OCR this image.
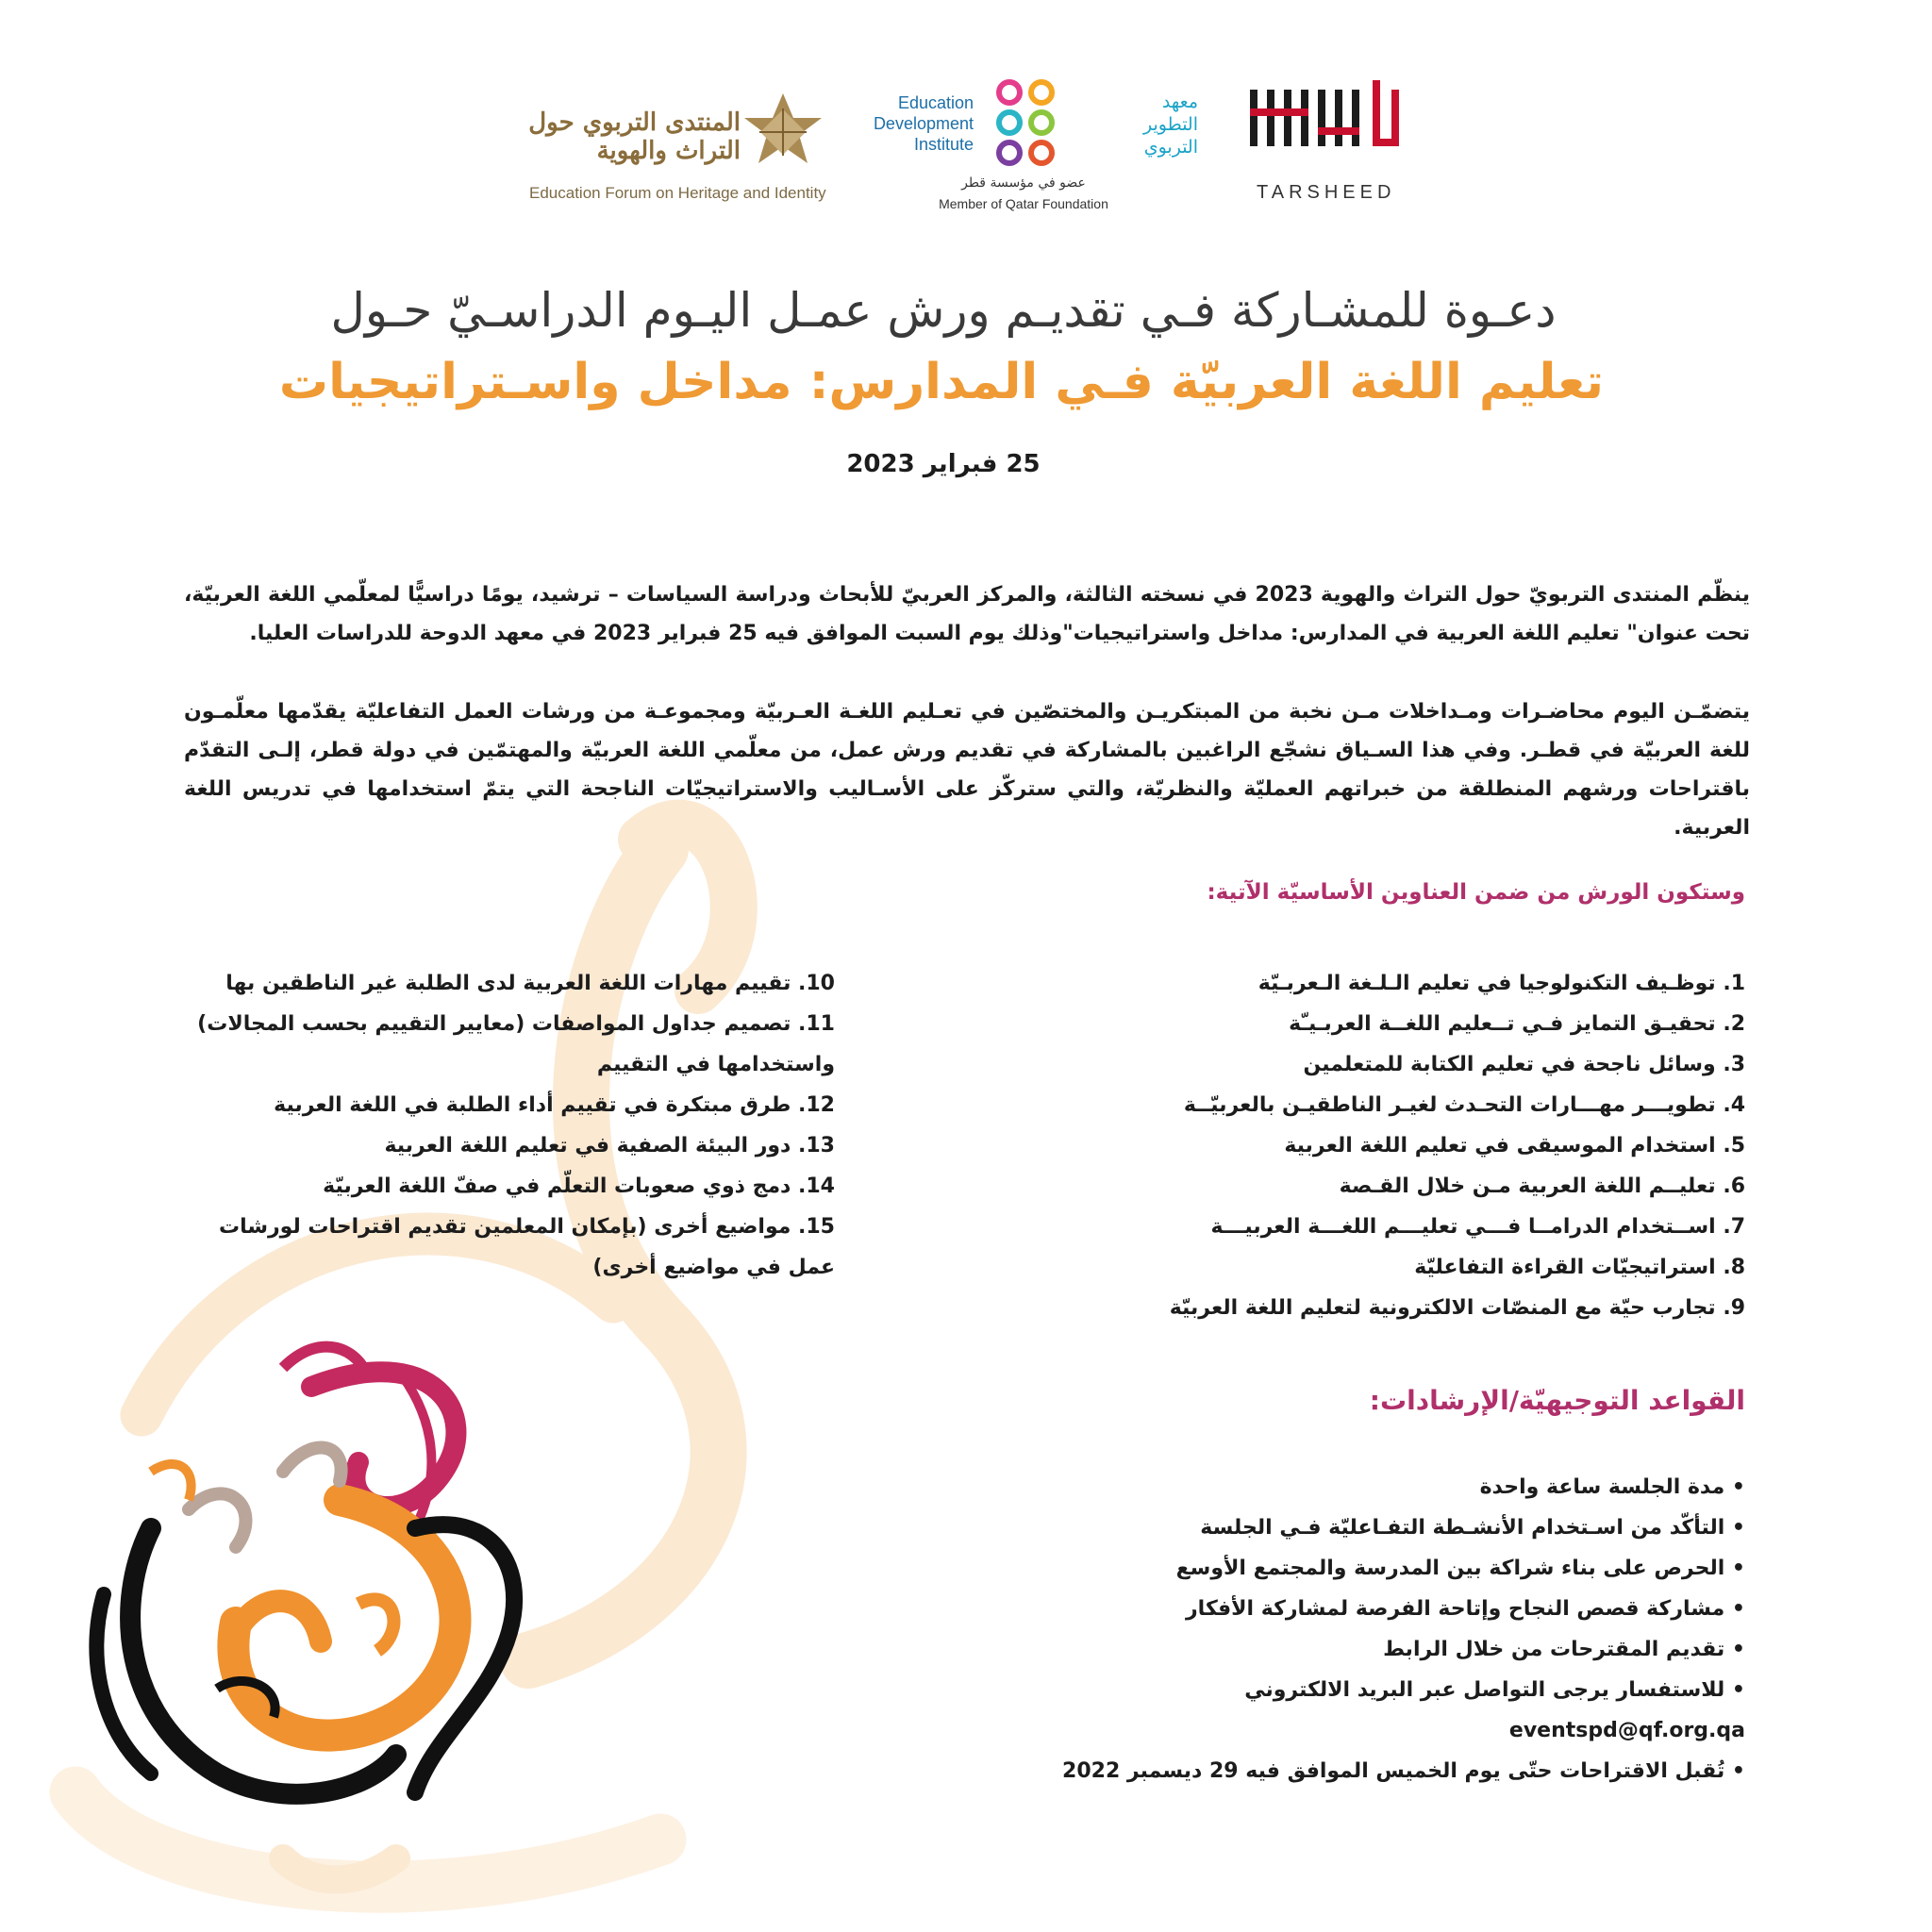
المنتدى التربوي حول التراث والهوية
Education Forum on Heritage and Identity
Education
Development
Institute
معهد
التطوير
التربوي
عضو في مؤسسة قطر
Member of Qatar Foundation
TARSHEED
دعـوة للمشـاركة فـي تقديـم ورش عمـل اليـوم الدراسـيّ حـول
تعليم اللغة العربيّة فـي المدارس: مداخل واسـتراتيجيات
25 فبراير 2023

ينظّم المنتدى التربويّ حول التراث والهوية 2023 في نسخته الثالثة، والمركز العربيّ للأبحاث ودراسة السياسات – ترشيد، يومًا دراسيًّا لمعلّمي اللغة العربيّة، تحت عنوان" تعليم اللغة العربية في المدارس: مداخل واستراتيجيات"وذلك يوم السبت الموافق فيه 25 فبراير 2023 في معهد الدوحة للدراسات العليا.

يتضمّـن اليوم محاضـرات ومـداخلات مـن نخبة من المبتكريـن والمختصّين في تعـليم اللغـة العـربيّة ومجموعـة من ورشات العمل التفاعليّة يقدّمها معلّمـون للغة العربيّة في قطـر. وفي هذا السـياق نشجّع الراغبين بالمشاركة في تقديم ورش عمل، من معلّمي اللغة العربيّة والمهتمّين في دولة قطر، إلـى التقدّم باقتراحات ورشهم المنطلقة من خبراتهم العمليّة والنظريّة، والتي ستركّز على الأسـاليب والاستراتيجيّات الناجحة التي يتمّ استخدامها في تدريس اللغة العربية.

وستكون الورش من ضمن العناوين الأساسيّة الآتية:
1. توظـيف التكنولوجيا في تعليم الـلـغة الـعربـيّة
2. تحقيـق التمايز فـي تــعليم اللغــة العربـيـّة
3. وسائل ناجحة في تعليم الكتابة للمتعلمين
4. تطويـــر مهـــارات التحـدث لغيـر الناطقيـن بالعربيّــة
5. استخدام الموسيقى في تعليم اللغة العربية
6. تعليــم اللغة العربية مـن خلال القـصة
7. اســتخدام الدرامــا فـــي تعليـــم اللغـــة العربيـــة
8. استراتيجيّات القراءة التفاعليّة
9. تجارب حيّة مع المنصّات الالكترونية لتعليم اللغة العربيّة
10. تقييم مهارات اللغة العربية لدى الطلبة غير الناطقين بها
11. تصميم جداول المواصفات (معايير التقييم بحسب المجالات) واستخدامها في التقييم
12. طرق مبتكرة في تقييم أداء الطلبة في اللغة العربية
13. دور البيئة الصفية في تعليم اللغة العربية
14. دمج ذوي صعوبات التعلّم في صفّ اللغة العربيّة
15. مواضيع أخرى (بإمكان المعلمين تقديم اقتراحات لورشات عمل في مواضيع أخرى)
القواعد التوجيهيّة/الإرشادات:
• مدة الجلسة ساعة واحدة
• التأكّد من اسـتخدام الأنشـطة التفـاعليّة فـي الجلسة
• الحرص على بناء شراكة بين المدرسة والمجتمع الأوسع
• مشاركة قصص النجاح وإتاحة الفرصة لمشاركة الأفكار
• تقديم المقترحات من خلال الرابط
• للاستفسار يرجى التواصل عبر البريد الالكتروني
eventspd@qf.org.qa
• تُقبل الاقتراحات حتّى يوم الخميس الموافق فيه 29 ديسمبر 2022
